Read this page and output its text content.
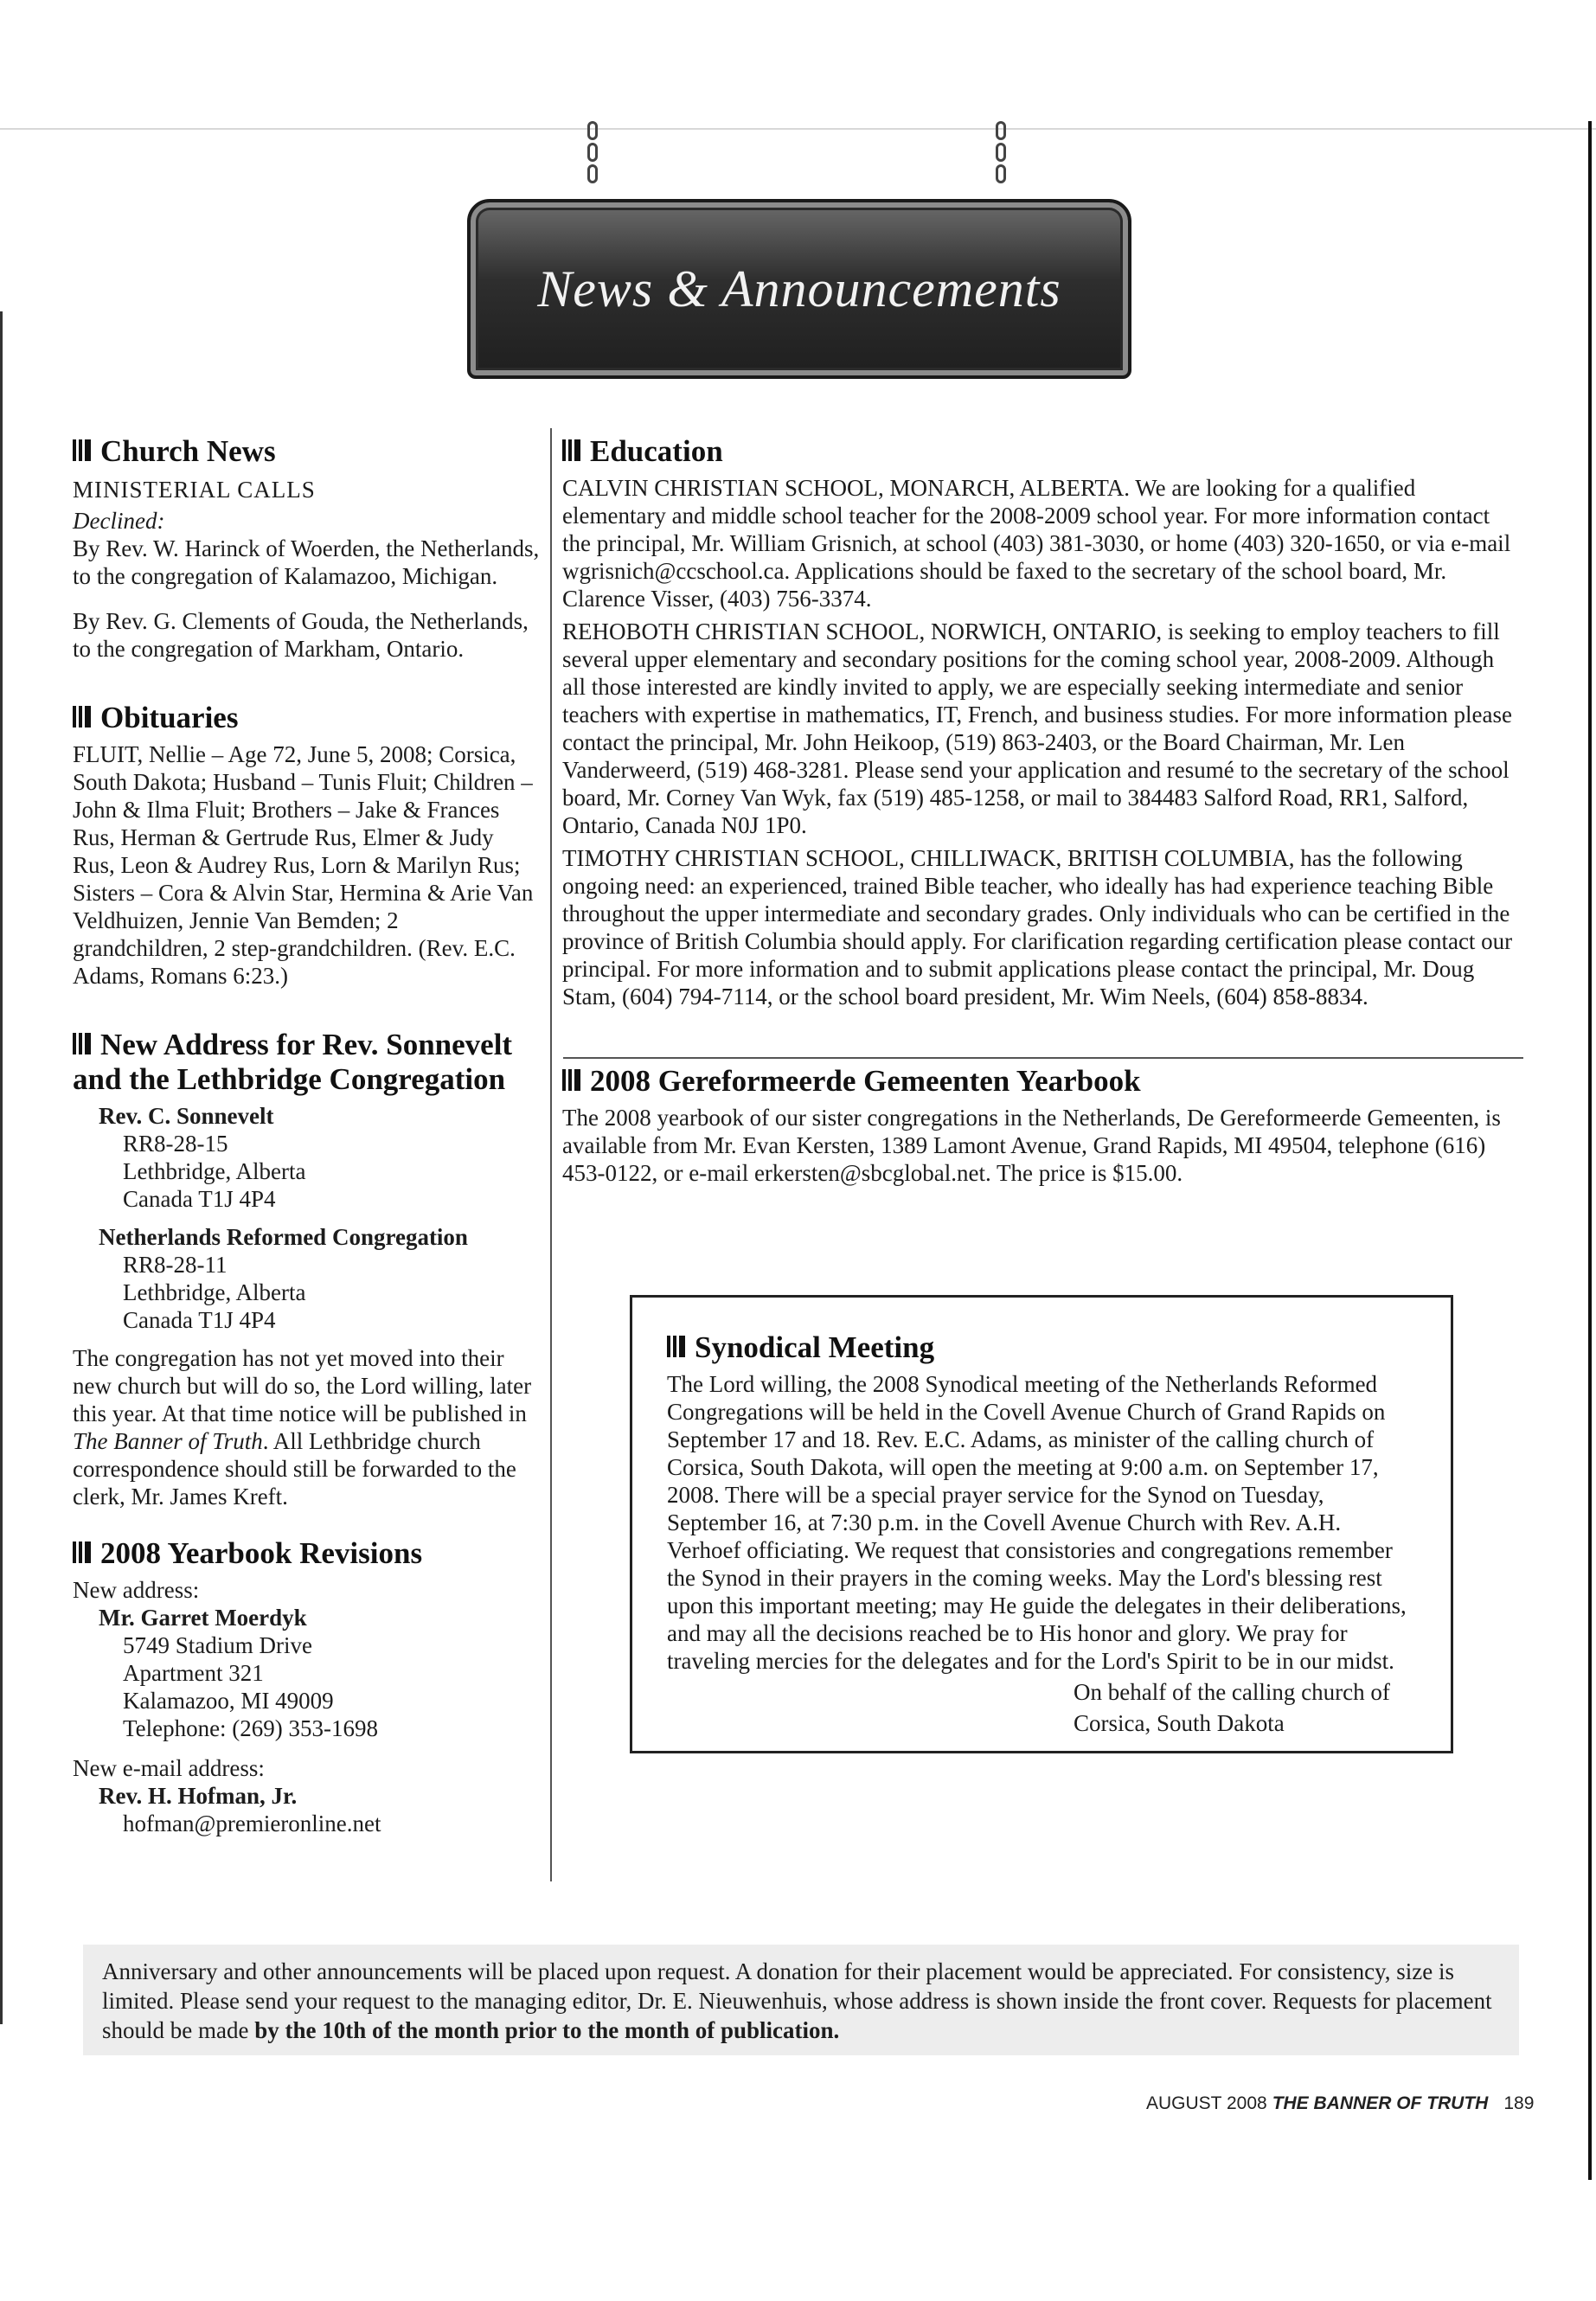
News & Announcements
Church News
MINISTERIAL CALLS
Declined:

By Rev. W. Harinck of Woerden, the Netherlands, to the congregation of Kalamazoo, Michigan.

By Rev. G. Clements of Gouda, the Netherlands, to the congregation of Markham, Ontario.

Obituaries

FLUIT, Nellie – Age 72, June 5, 2008; Corsica, South Dakota; Husband – Tunis Fluit; Children – John & Ilma Fluit; Brothers – Jake & Frances Rus, Herman & Gertrude Rus, Elmer & Judy Rus, Leon & Audrey Rus, Lorn & Marilyn Rus; Sisters – Cora & Alvin Star, Hermina & Arie Van Veldhuizen, Jennie Van Bemden; 2 grandchildren, 2 step-grandchildren. (Rev. E.C. Adams, Romans 6:23.)

New Address for Rev. Sonnevelt and the Lethbridge Congregation
Rev. C. Sonnevelt
RR8-28-15
Lethbridge, Alberta
Canada T1J 4P4
Netherlands Reformed Congregation
RR8-28-11
Lethbridge, Alberta
Canada T1J 4P4

The congregation has not yet moved into their new church but will do so, the Lord willing, later this year. At that time notice will be published in The Banner of Truth. All Lethbridge church correspondence should still be forwarded to the clerk, Mr. James Kreft.

2008 Yearbook Revisions
New address:
Mr. Garret Moerdyk
5749 Stadium Drive
Apartment 321
Kalamazoo, MI 49009
Telephone: (269) 353-1698
New e-mail address:
Rev. H. Hofman, Jr.
hofman@premieronline.net
Education

CALVIN CHRISTIAN SCHOOL, MONARCH, ALBERTA. We are looking for a qualified elementary and middle school teacher for the 2008-2009 school year. For more information contact the principal, Mr. William Grisnich, at school (403) 381-3030, or home (403) 320-1650, or via e-mail wgrisnich@ccschool.ca. Applications should be faxed to the secretary of the school board, Mr. Clarence Visser, (403) 756-3374.

REHOBOTH CHRISTIAN SCHOOL, NORWICH, ONTARIO, is seeking to employ teachers to fill several upper elementary and secondary positions for the coming school year, 2008-2009. Although all those interested are kindly invited to apply, we are especially seeking intermediate and senior teachers with expertise in mathematics, IT, French, and business studies. For more information please contact the principal, Mr. John Heikoop, (519) 863-2403, or the Board Chairman, Mr. Len Vanderweerd, (519) 468-3281. Please send your application and resumé to the secretary of the school board, Mr. Corney Van Wyk, fax (519) 485-1258, or mail to 384483 Salford Road, RR1, Salford, Ontario, Canada N0J 1P0.

TIMOTHY CHRISTIAN SCHOOL, CHILLIWACK, BRITISH COLUMBIA, has the following ongoing need: an experienced, trained Bible teacher, who ideally has had experience teaching Bible throughout the upper intermediate and secondary grades. Only individuals who can be certified in the province of British Columbia should apply. For clarification regarding certification please contact our principal. For more information and to submit applications please contact the principal, Mr. Doug Stam, (604) 794-7114, or the school board president, Mr. Wim Neels, (604) 858-8834.

2008 Gereformeerde Gemeenten Yearbook

The 2008 yearbook of our sister congregations in the Netherlands, De Gereformeerde Gemeenten, is available from Mr. Evan Kersten, 1389 Lamont Avenue, Grand Rapids, MI 49504, telephone (616) 453-0122, or e-mail erkersten@sbcglobal.net. The price is $15.00.

Synodical Meeting

The Lord willing, the 2008 Synodical meeting of the Netherlands Reformed Congregations will be held in the Covell Avenue Church of Grand Rapids on September 17 and 18. Rev. E.C. Adams, as minister of the calling church of Corsica, South Dakota, will open the meeting at 9:00 a.m. on September 17, 2008. There will be a special prayer service for the Synod on Tuesday, September 16, at 7:30 p.m. in the Covell Avenue Church with Rev. A.H. Verhoef officiating. We request that consistories and congregations remember the Synod in their prayers in the coming weeks. May the Lord's blessing rest upon this important meeting; may He guide the delegates in their deliberations, and may all the decisions reached be to His honor and glory. We pray for traveling mercies for the delegates and for the Lord's Spirit to be in our midst.

On behalf of the calling church of
Corsica, South Dakota

Anniversary and other announcements will be placed upon request. A donation for their placement would be appreciated. For consistency, size is limited. Please send your request to the managing editor, Dr. E. Nieuwenhuis, whose address is shown inside the front cover. Requests for placement should be made by the 10th of the month prior to the month of publication.

AUGUST 2008 THE BANNER OF TRUTH 189
